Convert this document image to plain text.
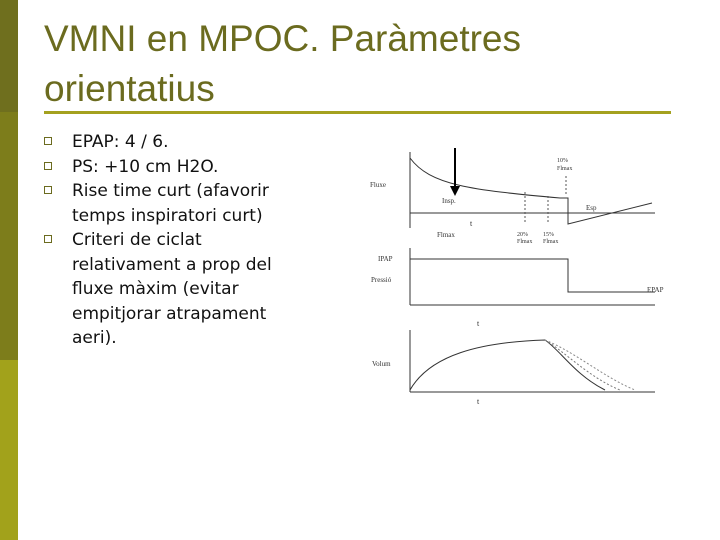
VMNI en MPOC. Paràmetres
orientatius
EPAP: 4 / 6.
PS: +10 cm H2O.
Rise time curt (afavorir temps inspiratori curt)
Criteri de ciclat relativament a prop del fluxe màxim (evitar empitjorar atrapament aeri).
Fluxe
Insp.
Esp
Flmax
t
10%
Flmax
20%
Flmax
15%
Flmax
IPAP
Pressió
EPAP
t
Volum
t
